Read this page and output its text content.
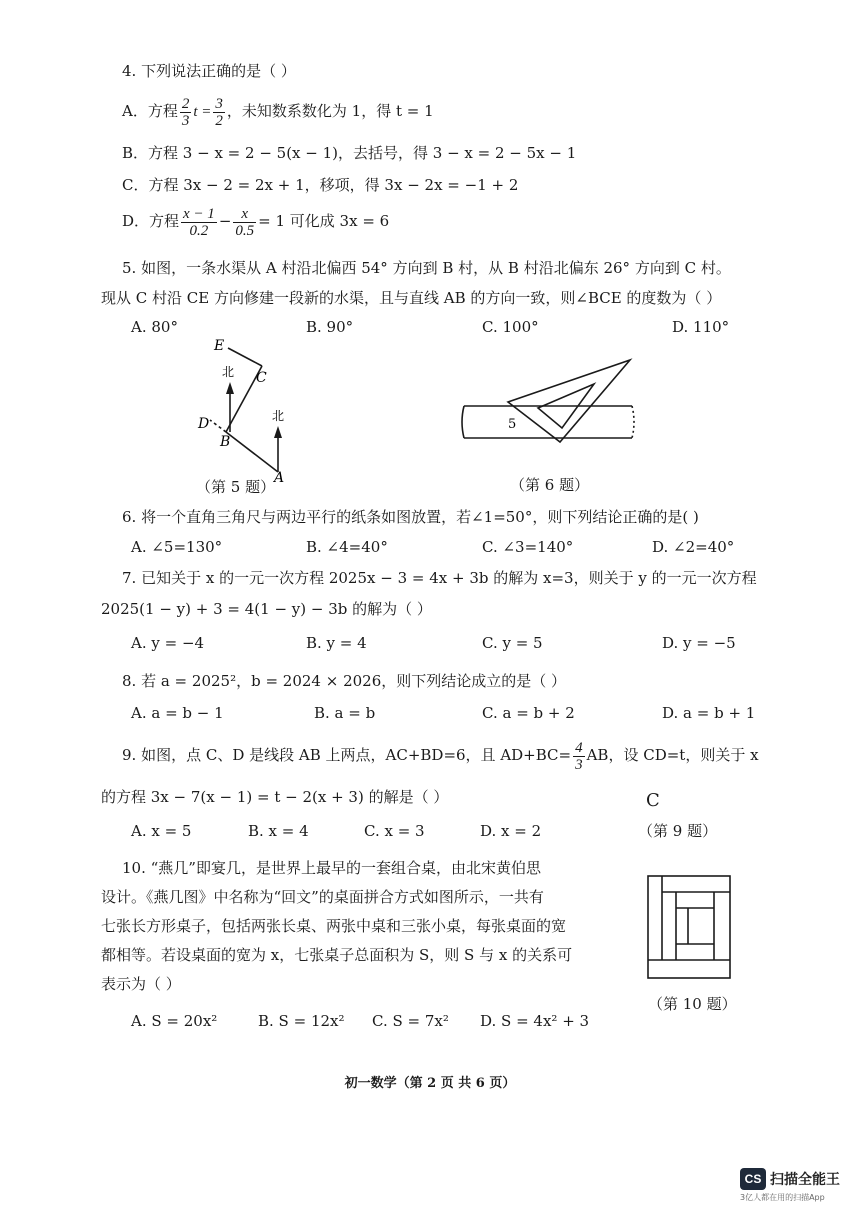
4. 下列说法正确的是（ ）
A．方程 $\frac{2}{3}$ $t = \frac{3}{2}$ ，未知数系数化为 1，得 t = 1
B．方程 3 − x = 2 − 5(x − 1)，去括号，得 3 − x = 2 − 5x − 1
C．方程 3x − 2 = 2x + 1，移项，得 3x − 2x = −1 + 2
D．方程 $\frac{x - 1}{0.2} - \frac{x}{0.5} = 1$ 可化成 3x = 6
5. 如图，一条水渠从 A 村沿北偏西 54° 方向到 B 村，从 B 村沿北偏东 26° 方向到 C 村。
现从 C 村沿 CE 方向修建一段新的水渠，且与直线 AB 的方向一致，则∠BCE 的度数为（ ）
A. 80°	B. 90°	C. 100°	D. 110°
E
C
D
B
A
北
北
（第 5 题）
5
（第 6 题）
6. 将一个直角三角尺与两边平行的纸条如图放置，若∠1=50°，则下列结论正确的是( )
A. ∠5=130°	B. ∠4=40°	C. ∠3=140°	D. ∠2=40°
7. 已知关于 x 的一元一次方程 2025x − 3 = 4x + 3b 的解为 x=3，则关于 y 的一元一次方程
2025(1 − y) + 3 = 4(1 − y) − 3b 的解为（ ）
A. y = −4	B. y = 4	C. y = 5	D. y = −5
8. 若 a = 2025²，b = 2024 × 2026，则下列结论成立的是（ ）
A. a = b − 1	B. a = b	C. a = b + 2	D. a = b + 1
9. 如图，点 C、D 是线段 AB 上两点，AC+BD=6，且 $AD+BC= \frac{4}{3}$ AB，设 CD=t，则关于 x
的方程 3x − 7(x − 1) = t − 2(x + 3) 的解是（ ）	C
A. x = 5	B. x = 4	C. x = 3	D. x = 2	（第 9 题）
10. “燕几”即宴几，是世界上最早的一套组合桌，由北宋黄伯思
设计。《燕几图》中名称为“回文”的桌面拼合方式如图所示，一共有
七张长方形桌子，包括两张长桌、两张中桌和三张小桌，每张桌面的宽
都相等。若设桌面的宽为 x，七张桌子总面积为 S，则 S 与 x 的关系可
表示为（ ）
A. S = 20x²	B. S = 12x² C. S = 7x² D. S = 4x² + 3
（第 10 题）
初一数学（第 2 页 共 6 页）
CS 扫描全能王
3亿人都在用的扫描App
